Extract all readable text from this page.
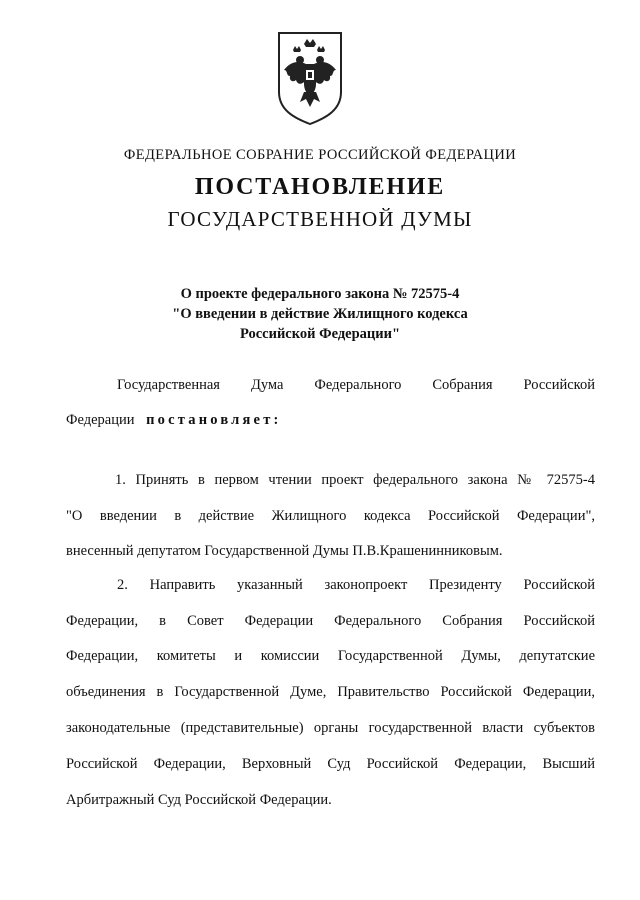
ФЕДЕРАЛЬНОЕ СОБРАНИЕ РОССИЙСКОЙ ФЕДЕРАЦИИ
ПОСТАНОВЛЕНИЕ
ГОСУДАРСТВЕННОЙ ДУМЫ
О проекте федерального закона № 72575-4
"О введении в действие Жилищного кодекса
Российской Федерации"
Государственная Дума Федерального Собрания Российской
Федерации постановляет:
1. Принять в первом чтении проект федерального закона № 72575-4
"О введении в действие Жилищного кодекса Российской Федерации",
внесенный депутатом Государственной Думы П.В.Крашенинниковым.
2. Направить указанный законопроект Президенту Российской
Федерации, в Совет Федерации Федерального Собрания Российской
Федерации, комитеты и комиссии Государственной Думы, депутатские
объединения в Государственной Думе, Правительство Российской Федерации,
законодательные (представительные) органы государственной власти субъектов
Российской Федерации, Верховный Суд Российской Федерации, Высший
Арбитражный Суд Российской Федерации.
